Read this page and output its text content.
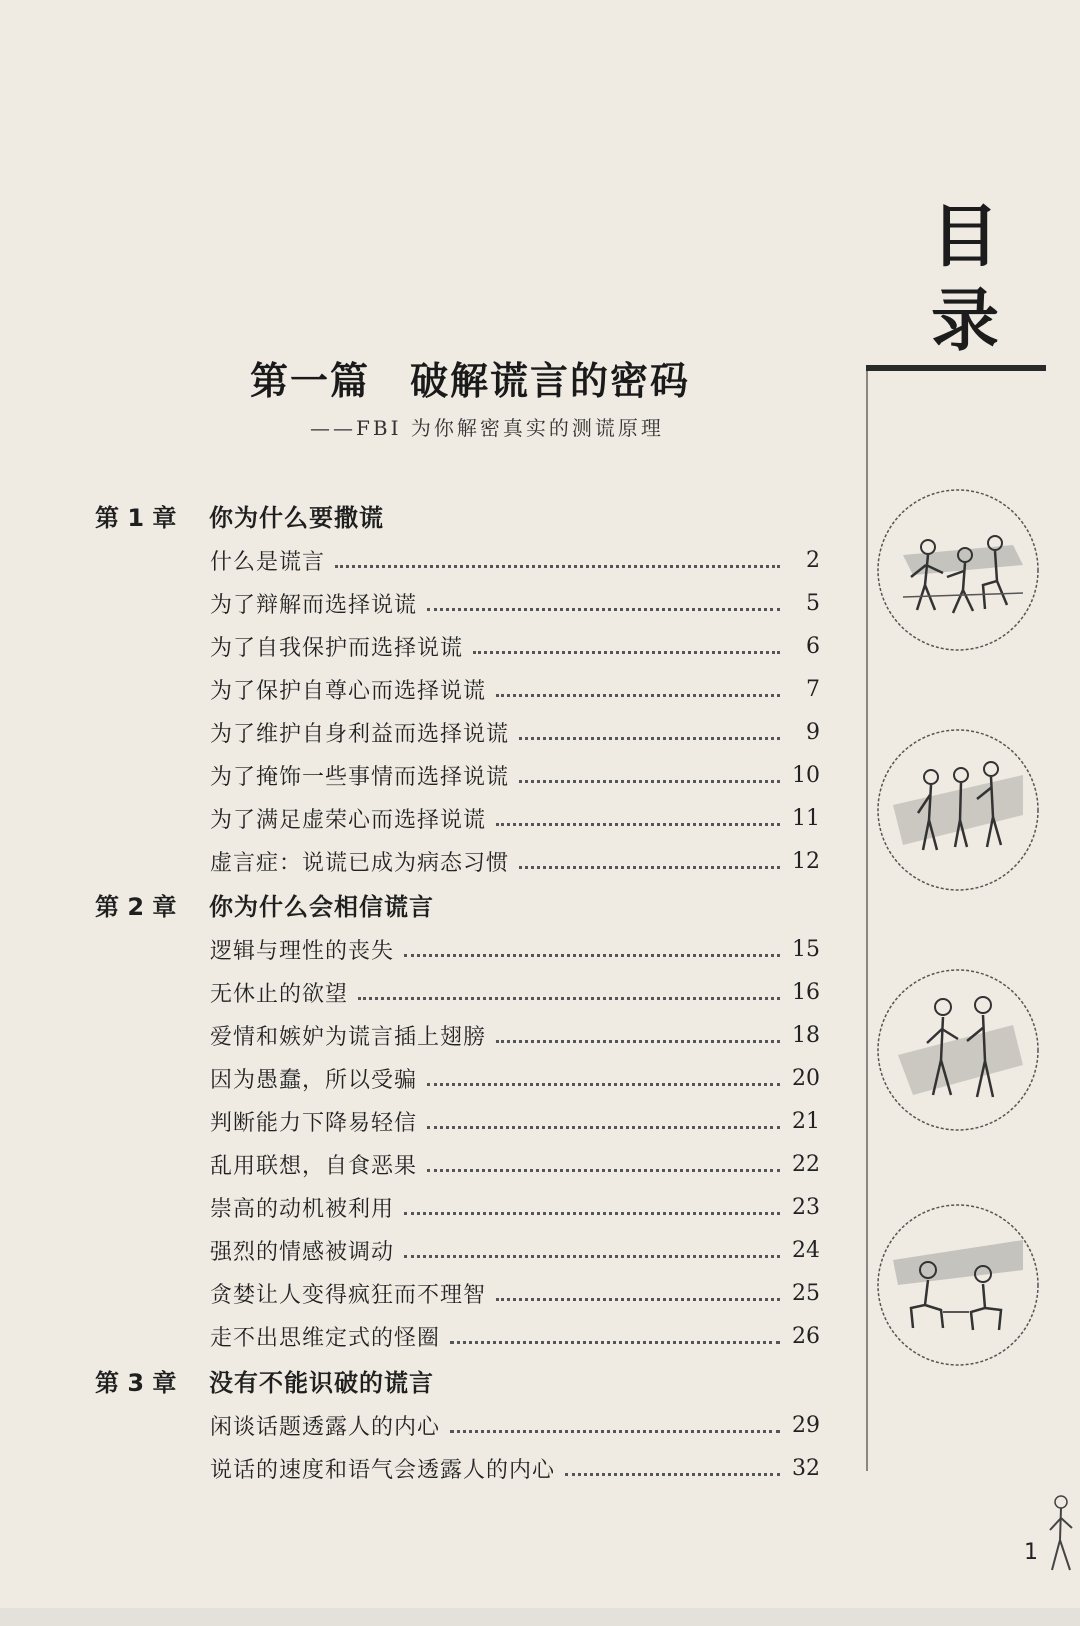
目
录
第一篇　破解谎言的密码
——FBI 为你解密真实的测谎原理
第 1 章	你为什么要撒谎
什么是谎言	2
为了辩解而选择说谎	5
为了自我保护而选择说谎	6
为了保护自尊心而选择说谎	7
为了维护自身利益而选择说谎	9
为了掩饰一些事情而选择说谎	10
为了满足虚荣心而选择说谎	11
虚言症：说谎已成为病态习惯	12
第 2 章	你为什么会相信谎言
逻辑与理性的丧失	15
无休止的欲望	16
爱情和嫉妒为谎言插上翅膀	18
因为愚蠢，所以受骗	20
判断能力下降易轻信	21
乱用联想，自食恶果	22
崇高的动机被利用	23
强烈的情感被调动	24
贪婪让人变得疯狂而不理智	25
走不出思维定式的怪圈	26
第 3 章	没有不能识破的谎言
闲谈话题透露人的内心	29
说话的速度和语气会透露人的内心	32
1
